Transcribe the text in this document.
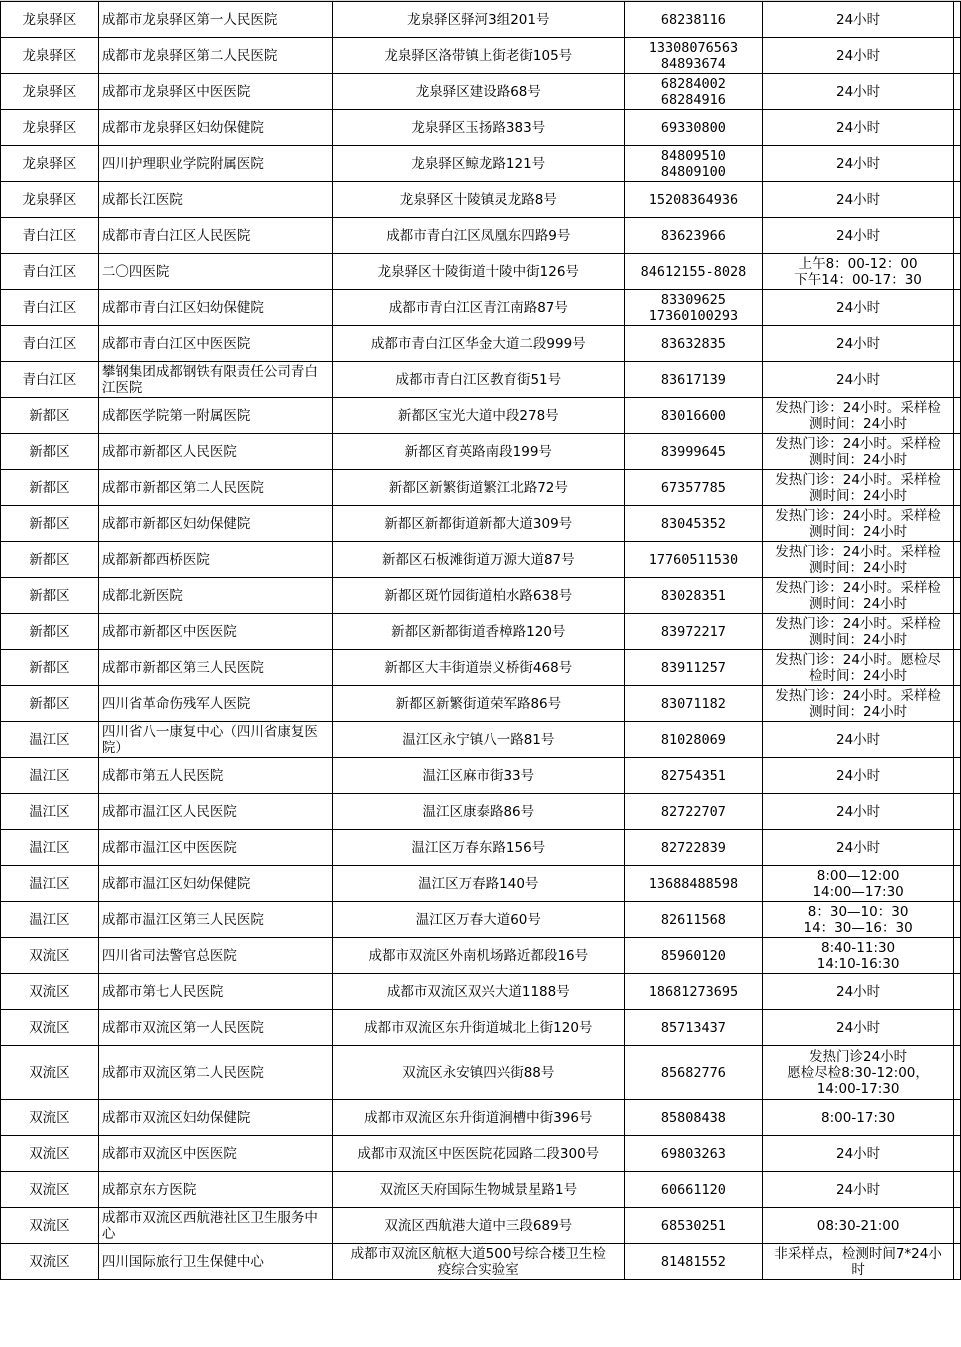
龙泉驿区	成都市龙泉驿区第一人民医院	龙泉驿区驿河3组201号	68238116	24小时	

龙泉驿区	成都市龙泉驿区第二人民医院	龙泉驿区洛带镇上街老街105号	13308076563
84893674	24小时	

龙泉驿区	成都市龙泉驿区中医医院	龙泉驿区建设路68号	68284002
68284916	24小时	

龙泉驿区	成都市龙泉驿区妇幼保健院	龙泉驿区玉扬路383号	69330800	24小时	

龙泉驿区	四川护理职业学院附属医院	龙泉驿区鲸龙路121号	84809510
84809100	24小时	

龙泉驿区	成都长江医院	龙泉驿区十陵镇灵龙路8号	15208364936	24小时	

青白江区	成都市青白江区人民医院	成都市青白江区凤凰东四路9号	83623966	24小时	

青白江区	二〇四医院	龙泉驿区十陵街道十陵中街126号	84612155-8028	上午8：00-12：00
下午14：00-17：30	

青白江区	成都市青白江区妇幼保健院	成都市青白江区青江南路87号	83309625
17360100293	24小时	

青白江区	成都市青白江区中医医院	成都市青白江区华金大道二段999号	83632835	24小时	

青白江区	攀钢集团成都钢铁有限责任公司青白江医院	成都市青白江区教育街51号	83617139	24小时	

新都区	成都医学院第一附属医院	新都区宝光大道中段278号	83016600	发热门诊：24小时。采样检
测时间：24小时	

新都区	成都市新都区人民医院	新都区育英路南段199号	83999645	发热门诊：24小时。采样检
测时间：24小时	

新都区	成都市新都区第二人民医院	新都区新繁街道繁江北路72号	67357785	发热门诊：24小时。采样检
测时间：24小时	

新都区	成都市新都区妇幼保健院	新都区新都街道新都大道309号	83045352	发热门诊：24小时。采样检
测时间：24小时	

新都区	成都新都西桥医院	新都区石板滩街道万源大道87号	17760511530	发热门诊：24小时。采样检
测时间：24小时	

新都区	成都北新医院	新都区斑竹园街道柏水路638号	83028351	发热门诊：24小时。采样检
测时间：24小时	

新都区	成都市新都区中医医院	新都区新都街道香樟路120号	83972217	发热门诊：24小时。采样检
测时间：24小时	

新都区	成都市新都区第三人民医院	新都区大丰街道崇义桥街468号	83911257	发热门诊：24小时。愿检尽
检时间：24小时	

新都区	四川省革命伤残军人医院	新都区新繁街道荣军路86号	83071182	发热门诊：24小时。采样检
测时间：24小时	

温江区	四川省八一康复中心（四川省康复医院）	温江区永宁镇八一路81号	81028069	24小时	

温江区	成都市第五人民医院	温江区麻市街33号	82754351	24小时	

温江区	成都市温江区人民医院	温江区康泰路86号	82722707	24小时	

温江区	成都市温江区中医医院	温江区万春东路156号	82722839	24小时	

温江区	成都市温江区妇幼保健院	温江区万春路140号	13688488598	8:00—12:00
14:00—17:30	

温江区	成都市温江区第三人民医院	温江区万春大道60号	82611568	8：30—10：30
14：30—16：30	

双流区	四川省司法警官总医院	成都市双流区外南机场路近都段16号	85960120	8:40-11:30
14:10-16:30	

双流区	成都市第七人民医院	成都市双流区双兴大道1188号	18681273695	24小时	

双流区	成都市双流区第一人民医院	成都市双流区东升街道城北上街120号	85713437	24小时	

双流区	成都市双流区第二人民医院	双流区永安镇四兴街88号	85682776	发热门诊24小时
愿检尽检8:30-12:00，
14:00-17:30	

双流区	成都市双流区妇幼保健院	成都市双流区东升街道涧槽中街396号	85808438	8:00-17:30	

双流区	成都市双流区中医医院	成都市双流区中医医院花园路二段300号	69803263	24小时	

双流区	成都京东方医院	双流区天府国际生物城景星路1号	60661120	24小时	

双流区	成都市双流区西航港社区卫生服务中心	双流区西航港大道中三段689号	68530251	08:30-21:00	

双流区	四川国际旅行卫生保健中心	成都市双流区航枢大道500号综合楼卫生检
疫综合实验室	81481552	非采样点，检测时间7*24小
时	
